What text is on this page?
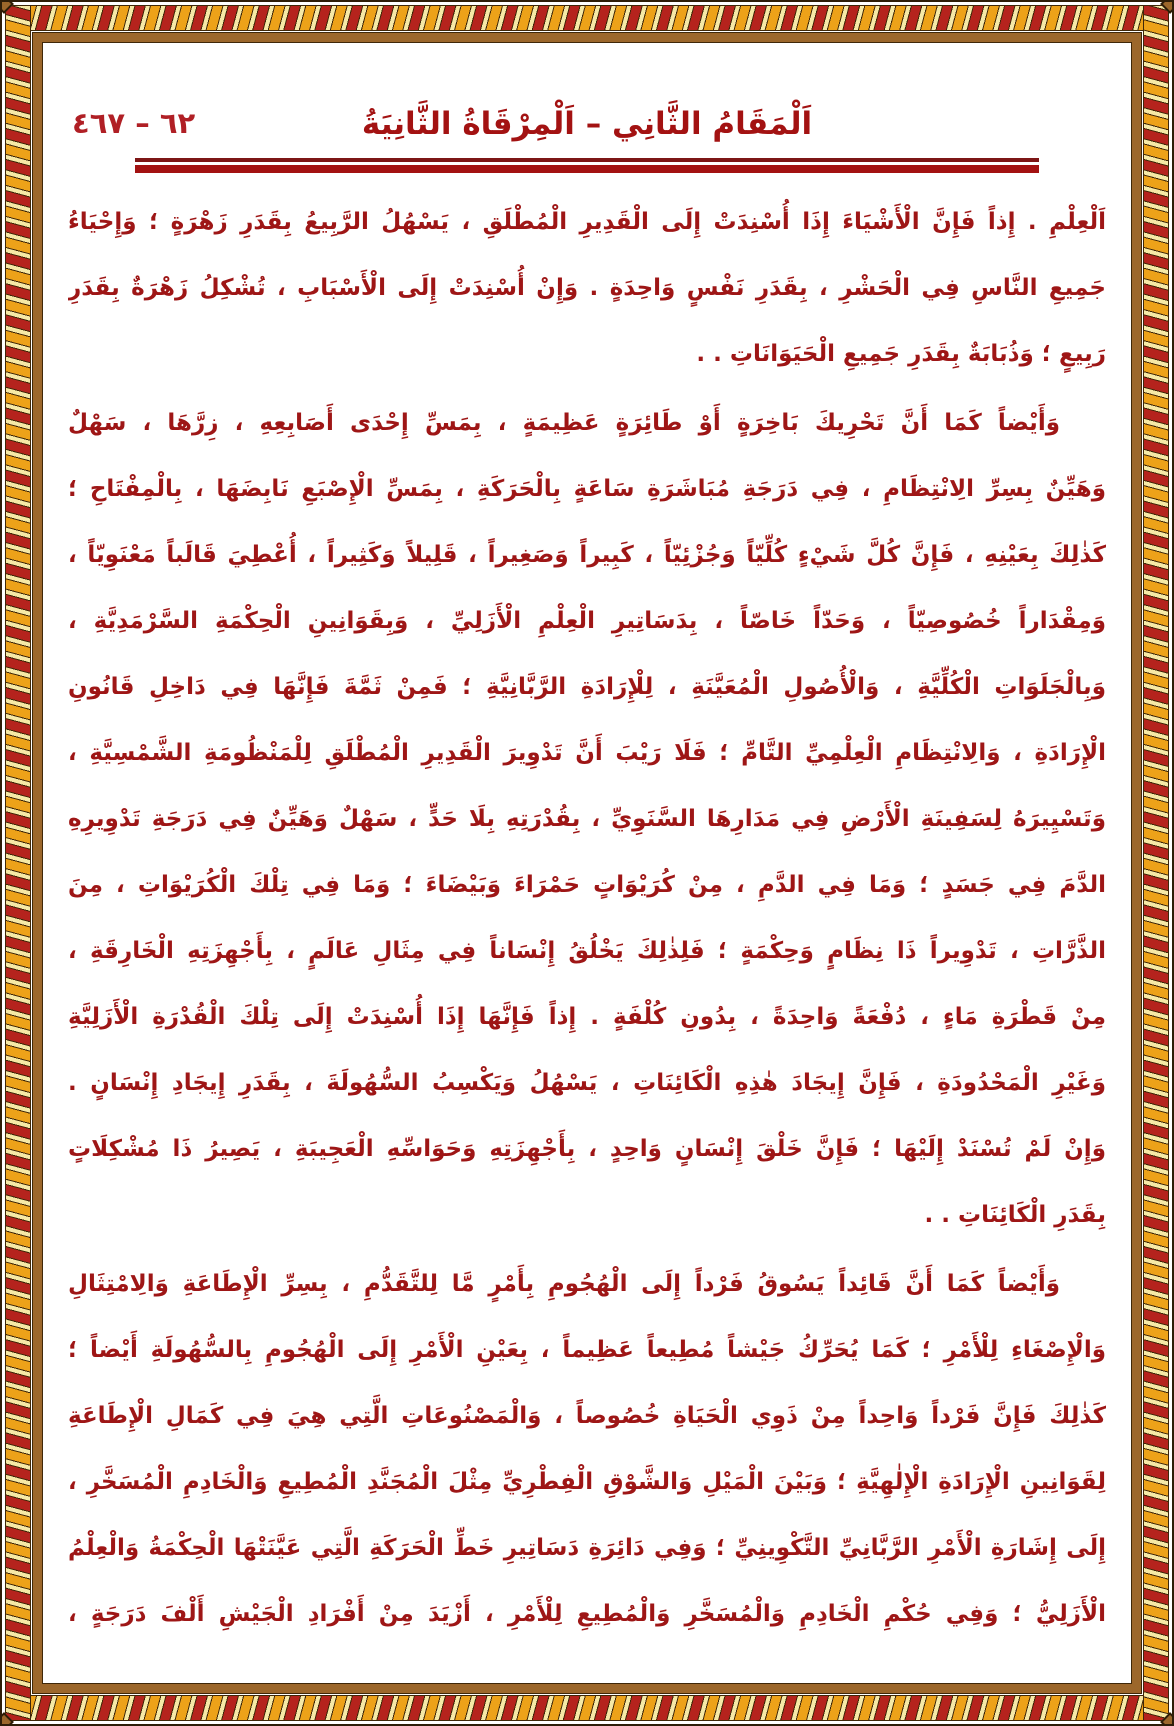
٦٢ – ٤٦٧	اَلْمَقَامُ الثَّانِي – اَلْمِرْقَاةُ الثَّانِيَةُ
اَلْعِلْمِ . إِذاً فَإِنَّ الْأَشْيَاءَ إِذَا أُسْنِدَتْ إِلَى الْقَدِيرِ الْمُطْلَقِ ، يَسْهُلُ الرَّبِيعُ بِقَدَرِ زَهْرَةٍ ؛ وَإِحْيَاءُ
جَمِيعِ النَّاسِ فِي الْحَشْرِ ، بِقَدَرِ نَفْسٍ وَاحِدَةٍ . وَإِنْ أُسْنِدَتْ إِلَى الْأَسْبَابِ ، تُشْكِلُ زَهْرَةٌ بِقَدَرِ
رَبِيعٍ ؛ وَذُبَابَةٌ بِقَدَرِ جَمِيعِ الْحَيَوَانَاتِ . .
وَأَيْضاً كَمَا أَنَّ تَحْرِيكَ بَاخِرَةٍ أَوْ طَائِرَةٍ عَظِيمَةٍ ، بِمَسِّ إِحْدَى أَصَابِعِهِ ، زِرَّهَا ، سَهْلٌ
وَهَيِّنٌ بِسِرِّ الِانْتِظَامِ ، فِي دَرَجَةِ مُبَاشَرَةِ سَاعَةٍ بِالْحَرَكَةِ ، بِمَسِّ الْإِصْبَعِ نَابِضَهَا ، بِالْمِفْتَاحِ ؛
كَذٰلِكَ بِعَيْنِهِ ، فَإِنَّ كُلَّ شَيْءٍ كُلِّيّاً وَجُزْئِيّاً ، كَبِيراً وَصَغِيراً ، قَلِيلاً وَكَثِيراً ، أُعْطِيَ قَالَباً مَعْنَوِيّاً ،
وَمِقْدَاراً خُصُوصِيّاً ، وَحَدّاً خَاصّاً ، بِدَسَاتِيرِ الْعِلْمِ الْأَزَلِيِّ ، وَبِقَوَانِينِ الْحِكْمَةِ السَّرْمَدِيَّةِ ،
وَبِالْجَلَوَاتِ الْكُلِّيَّةِ ، وَالْأُصُولِ الْمُعَيَّنَةِ ، لِلْإِرَادَةِ الرَّبَّانِيَّةِ ؛ فَمِنْ ثَمَّةَ فَإِنَّهَا فِي دَاخِلِ قَانُونِ
الْإِرَادَةِ ، وَالِانْتِظَامِ الْعِلْمِيِّ التَّامِّ ؛ فَلَا رَيْبَ أَنَّ تَدْوِيرَ الْقَدِيرِ الْمُطْلَقِ لِلْمَنْظُومَةِ الشَّمْسِيَّةِ ،
وَتَسْيِيرَهُ لِسَفِينَةِ الْأَرْضِ فِي مَدَارِهَا السَّنَوِيِّ ، بِقُدْرَتِهِ بِلَا حَدٍّ ، سَهْلٌ وَهَيِّنٌ فِي دَرَجَةِ تَدْوِيرِهِ
الدَّمَ فِي جَسَدٍ ؛ وَمَا فِي الدَّمِ ، مِنْ كُرَيْوَاتٍ حَمْرَاءَ وَبَيْضَاءَ ؛ وَمَا فِي تِلْكَ الْكُرَيْوَاتِ ، مِنَ
الذَّرَّاتِ ، تَدْوِيراً ذَا نِظَامٍ وَحِكْمَةٍ ؛ فَلِذٰلِكَ يَخْلُقُ إِنْسَاناً فِي مِثَالِ عَالَمٍ ، بِأَجْهِزَتِهِ الْخَارِقَةِ ،
مِنْ قَطْرَةِ مَاءٍ ، دُفْعَةً وَاحِدَةً ، بِدُونِ كُلْفَةٍ . إِذاً فَإِنَّهَا إِذَا أُسْنِدَتْ إِلَى تِلْكَ الْقُدْرَةِ الْأَزَلِيَّةِ
وَغَيْرِ الْمَحْدُودَةِ ، فَإِنَّ إِيجَادَ هٰذِهِ الْكَائِنَاتِ ، يَسْهُلُ وَيَكْسِبُ السُّهُولَةَ ، بِقَدَرِ إِيجَادِ إِنْسَانٍ .
وَإِنْ لَمْ تُسْنَدْ إِلَيْهَا ؛ فَإِنَّ خَلْقَ إِنْسَانٍ وَاحِدٍ ، بِأَجْهِزَتِهِ وَحَوَاسِّهِ الْعَجِيبَةِ ، يَصِيرُ ذَا مُشْكِلَاتٍ
بِقَدَرِ الْكَائِنَاتِ . .
وَأَيْضاً كَمَا أَنَّ قَائِداً يَسُوقُ فَرْداً إِلَى الْهُجُومِ بِأَمْرٍ مَّا لِلتَّقَدُّمِ ، بِسِرِّ الْإِطَاعَةِ وَالِامْتِثَالِ
وَالْإِصْغَاءِ لِلْأَمْرِ ؛ كَمَا يُحَرِّكُ جَيْشاً مُطِيعاً عَظِيماً ، بِعَيْنِ الْأَمْرِ إِلَى الْهُجُومِ بِالسُّهُولَةِ أَيْضاً ؛
كَذٰلِكَ فَإِنَّ فَرْداً وَاحِداً مِنْ ذَوِي الْحَيَاةِ خُصُوصاً ، وَالْمَصْنُوعَاتِ الَّتِي هِيَ فِي كَمَالِ الْإِطَاعَةِ
لِقَوَانِينِ الْإِرَادَةِ الْإِلٰهِيَّةِ ؛ وَبَيْنَ الْمَيْلِ وَالشَّوْقِ الْفِطْرِيِّ مِثْلَ الْمُجَنَّدِ الْمُطِيعِ وَالْخَادِمِ الْمُسَخَّرِ ،
إِلَى إِشَارَةِ الْأَمْرِ الرَّبَّانِيِّ التَّكْوِينِيِّ ؛ وَفِي دَائِرَةِ دَسَاتِيرِ خَطِّ الْحَرَكَةِ الَّتِي عَيَّنَتْهَا الْحِكْمَةُ وَالْعِلْمُ
الْأَزَلِيُّ ؛ وَفِي حُكْمِ الْخَادِمِ وَالْمُسَخَّرِ وَالْمُطِيعِ لِلْأَمْرِ ، أَزْيَدَ مِنْ أَفْرَادِ الْجَيْشِ أَلْفَ دَرَجَةٍ ،
